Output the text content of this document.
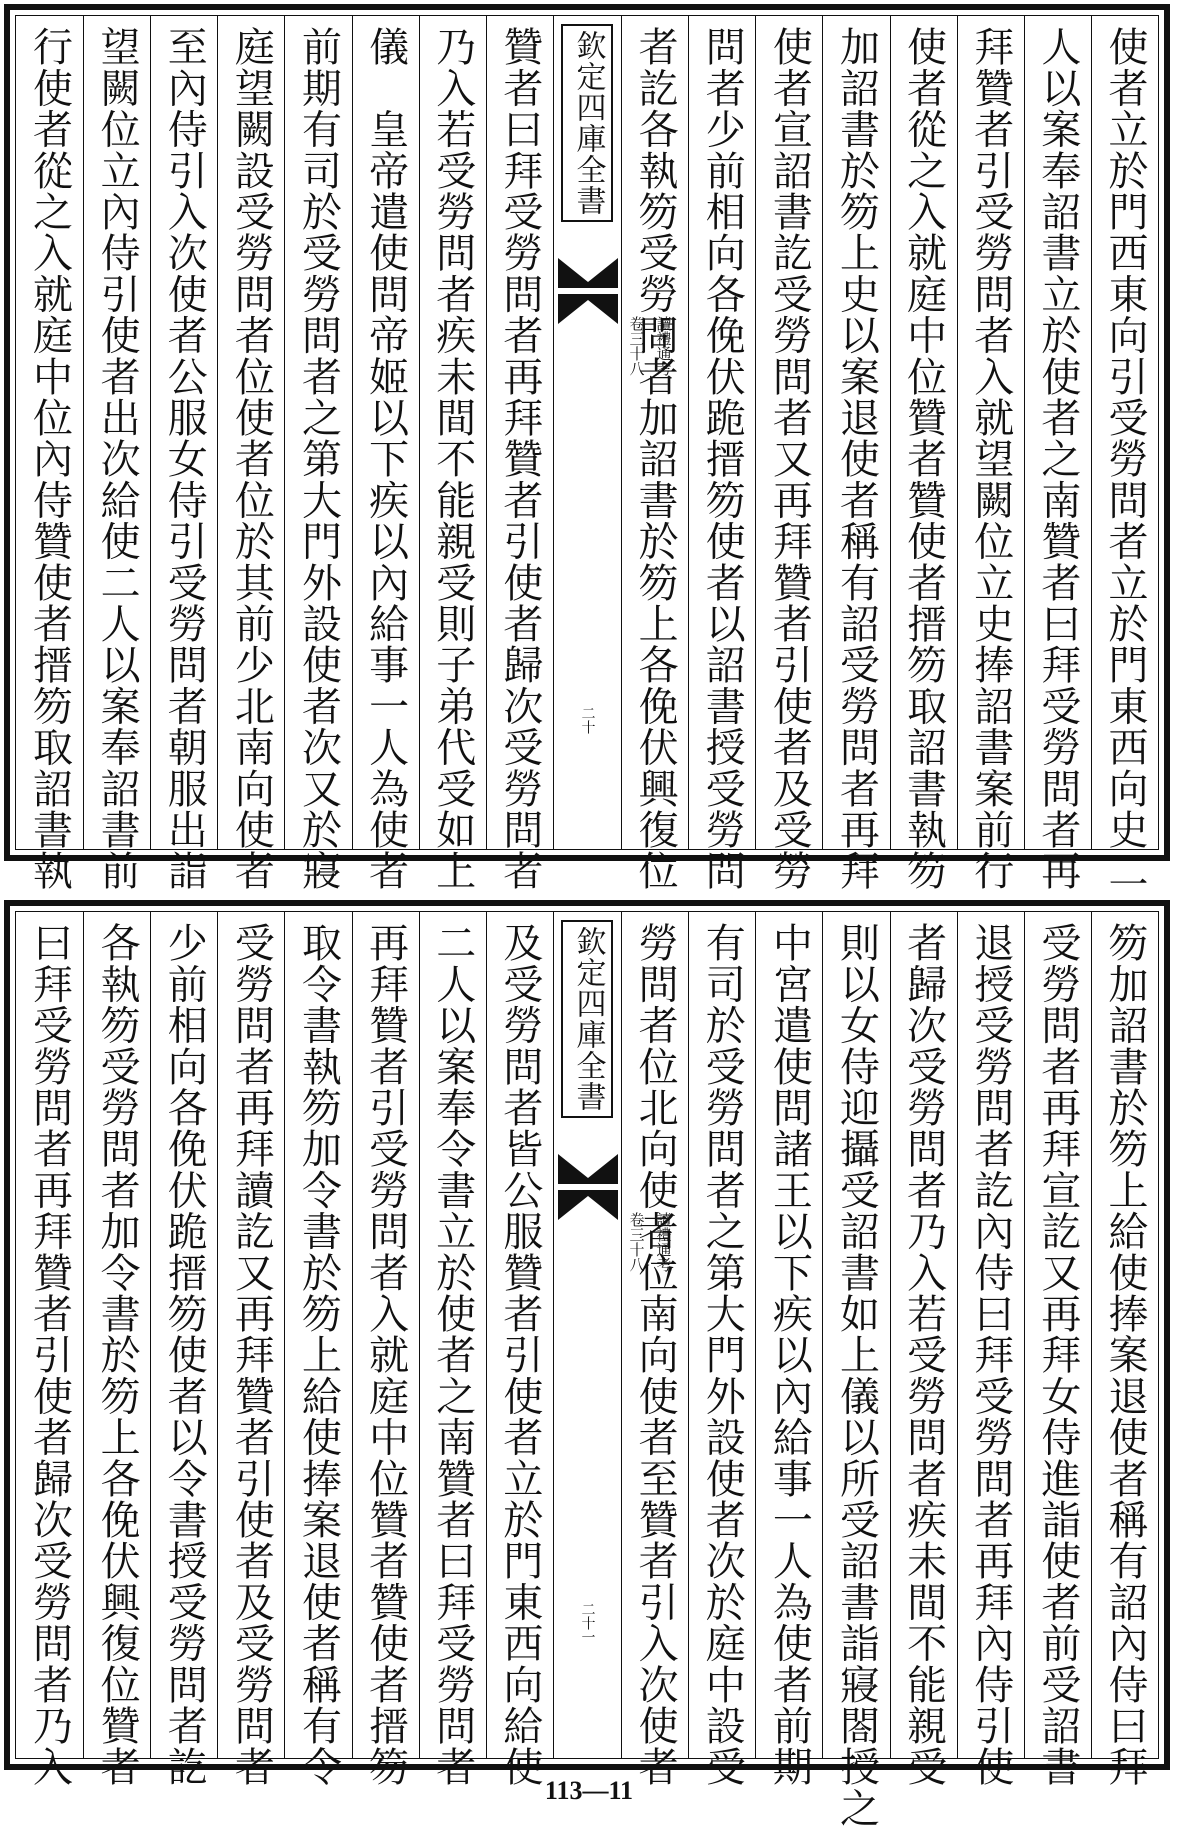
使者立於門西東向引受勞問者立於門東西向史二
人以案奉詔書立於使者之南贊者曰拜受勞問者再
拜贊者引受勞問者入就望闕位立史捧詔書案前行
使者從之入就庭中位贊者贊使者搢笏取詔書執笏
加詔書於笏上史以案退使者稱有詔受勞問者再拜
使者宣詔書訖受勞問者又再拜贊者引使者及受勞
問者少前相向各俛伏跪搢笏使者以詔書授受勞問
者訖各執笏受勞問者加詔書於笏上各俛伏興復位
欽定四庫全書
讀禮通考
卷三十八
二十
贊者曰拜受勞問者再拜贊者引使者歸次受勞問者
乃入若受勞問者疾未間不能親受則子弟代受如上
儀　皇帝遣使問帝姬以下疾以內給事一人為使者
前期有司於受勞問者之第大門外設使者次又於寢
庭望闕設受勞問者位使者位於其前少北南向使者
至內侍引入次使者公服女侍引受勞問者朝服出詣
望闕位立內侍引使者出次給使二人以案奉詔書前
行使者從之入就庭中位內侍贊使者搢笏取詔書執
笏加詔書於笏上給使捧案退使者稱有詔內侍曰拜
受勞問者再拜宣訖又再拜女侍進詣使者前受詔書
退授受勞問者訖內侍曰拜受勞問者再拜內侍引使
者歸次受勞問者乃入若受勞問者疾未間不能親受
則以女侍迎攝受詔書如上儀以所受詔書詣寢閤授之
中宮遣使問諸王以下疾以內給事一人為使者前期
有司於受勞問者之第大門外設使者次於庭中設受
勞問者位北向使者位南向使者至贊者引入次使者
欽定四庫全書
讀禮通考
卷三十八
二十一
及受勞問者皆公服贊者引使者立於門東西向給使
二人以案奉令書立於使者之南贊者曰拜受勞問者
再拜贊者引受勞問者入就庭中位贊者贊使者搢笏
取令書執笏加令書於笏上給使捧案退使者稱有令
受勞問者再拜讀訖又再拜贊者引使者及受勞問者
少前相向各俛伏跪搢笏使者以令書授受勞問者訖
各執笏受勞問者加令書於笏上各俛伏興復位贊者
曰拜受勞問者再拜贊者引使者歸次受勞問者乃入
113—11
